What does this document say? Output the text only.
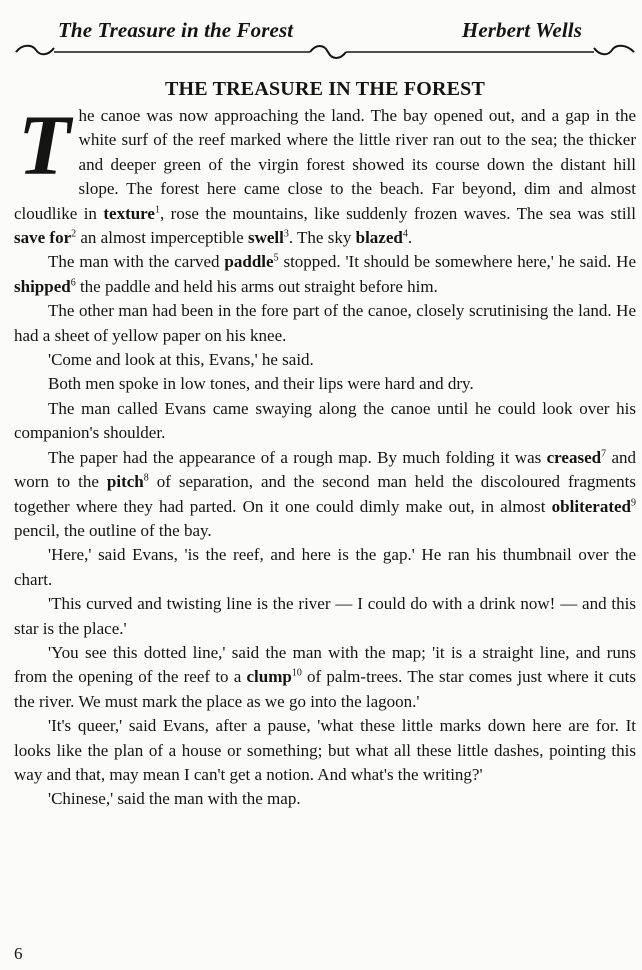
The Treasure in the Forest	Herbert Wells
THE TREASURE IN THE FOREST

The canoe was now approaching the land. The bay opened out, and a gap in the white surf of the reef marked where the little river ran out to the sea; the thicker and deeper green of the virgin forest showed its course down the distant hill slope. The forest here came close to the beach. Far beyond, dim and almost cloudlike in texture$^1$, rose the mountains, like suddenly frozen waves. The sea was still save for$^2$ an almost imperceptible swell$^3$. The sky blazed$^4$.

The man with the carved paddle$^5$ stopped. 'It should be somewhere here,' he said. He shipped$^6$ the paddle and held his arms out straight before him.

The other man had been in the fore part of the canoe, closely scrutinising the land. He had a sheet of yellow paper on his knee.

'Come and look at this, Evans,' he said.

Both men spoke in low tones, and their lips were hard and dry.

The man called Evans came swaying along the canoe until he could look over his companion's shoulder.

The paper had the appearance of a rough map. By much folding it was creased$^7$ and worn to the pitch$^8$ of separation, and the second man held the discoloured fragments together where they had parted. On it one could dimly make out, in almost obliterated$^9$ pencil, the outline of the bay.

'Here,' said Evans, 'is the reef, and here is the gap.' He ran his thumbnail over the chart.

'This curved and twisting line is the river — I could do with a drink now! — and this star is the place.'

'You see this dotted line,' said the man with the map; 'it is a straight line, and runs from the opening of the reef to a clump$^{10}$ of palm-trees. The star comes just where it cuts the river. We must mark the place as we go into the lagoon.'

'It's queer,' said Evans, after a pause, 'what these little marks down here are for. It looks like the plan of a house or something; but what all these little dashes, pointing this way and that, may mean I can't get a notion. And what's the writing?'

'Chinese,' said the man with the map.

6
